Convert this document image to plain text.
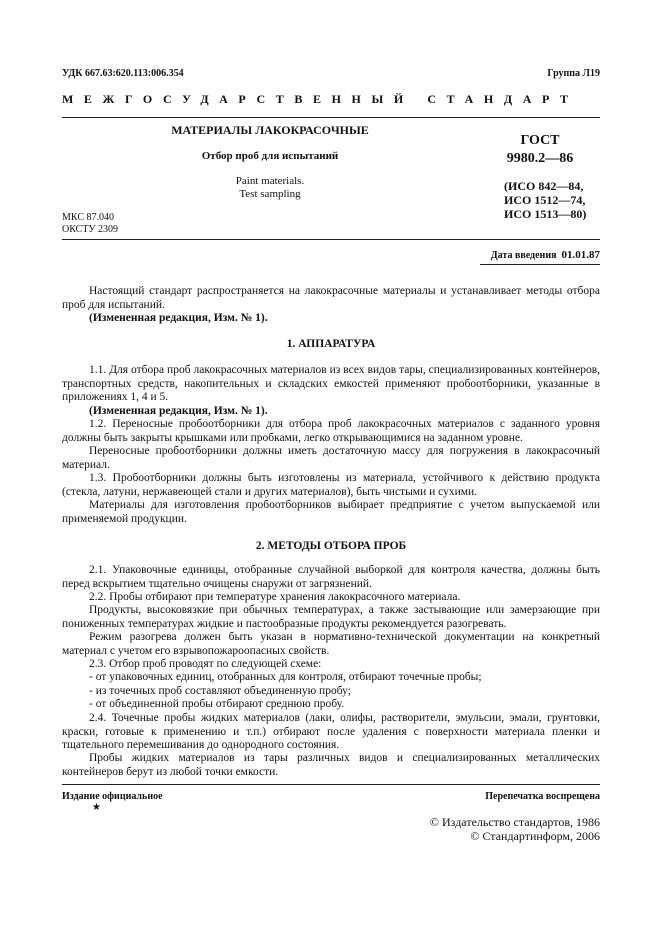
УДК 667.63:620.113:006.354	Группа Л19
МЕЖГОСУДАРСТВЕННЫЙ СТАНДАРТ
МАТЕРИАЛЫ ЛАКОКРАСОЧНЫЕ
Отбор проб для испытаний
Paint materials.
Test sampling
ГОСТ
9980.2—86
(ИСО 842—84,
ИСО 1512—74,
ИСО 1513—80)
МКС 87.040
ОКСТУ 2309
Дата введения 01.01.87
Настоящий стандарт распространяется на лакокрасочные материалы и устанавливает методы отбора проб для испытаний.
(Измененная редакция, Изм. № 1).
1. АППАРАТУРА
1.1. Для отбора проб лакокрасочных материалов из всех видов тары, специализированных контейнеров, транспортных средств, накопительных и складских емкостей применяют пробоотборники, указанные в приложениях 1, 4 и 5.
(Измененная редакция, Изм. № 1).
1.2. Переносные пробоотборники для отбора проб лакокрасочных материалов с заданного уровня должны быть закрыты крышками или пробками, легко открывающимися на заданном уровне.
Переносные пробоотборники должны иметь достаточную массу для погружения в лакокрасочный материал.
1.3. Пробоотборники должны быть изготовлены из материала, устойчивого к действию продукта (стекла, латуни, нержавеющей стали и других материалов), быть чистыми и сухими.
Материалы для изготовления пробоотборников выбирает предприятие с учетом выпускаемой или применяемой продукции.
2. МЕТОДЫ ОТБОРА ПРОБ
2.1. Упаковочные единицы, отобранные случайной выборкой для контроля качества, должны быть перед вскрытием тщательно очищены снаружи от загрязнений.
2.2. Пробы отбирают при температуре хранения лакокрасочного материала.
Продукты, высоковязкие при обычных температурах, а также застывающие или замерзающие при пониженных температурах жидкие и пастообразные продукты рекомендуется разогревать.
Режим разогрева должен быть указан в нормативно-технической документации на конкретный материал с учетом его взрывопожароопасных свойств.
2.3. Отбор проб проводят по следующей схеме:
- от упаковочных единиц, отобранных для контроля, отбирают точечные пробы;
- из точечных проб составляют объединенную пробу;
- от объединенной пробы отбирают среднюю пробу.
2.4. Точечные пробы жидких материалов (лаки, олифы, растворители, эмульсии, эмали, грунтовки, краски, готовые к применению и т.п.) отбирают после удаления с поверхности материала пленки и тщательного перемешивания до однородного состояния.
Пробы жидких материалов из тары различных видов и специализированных металлических контейнеров берут из любой точки емкости.
Издание официальное
★
Перепечатка воспрещена
© Издательство стандартов, 1986
© Стандартинформ, 2006
